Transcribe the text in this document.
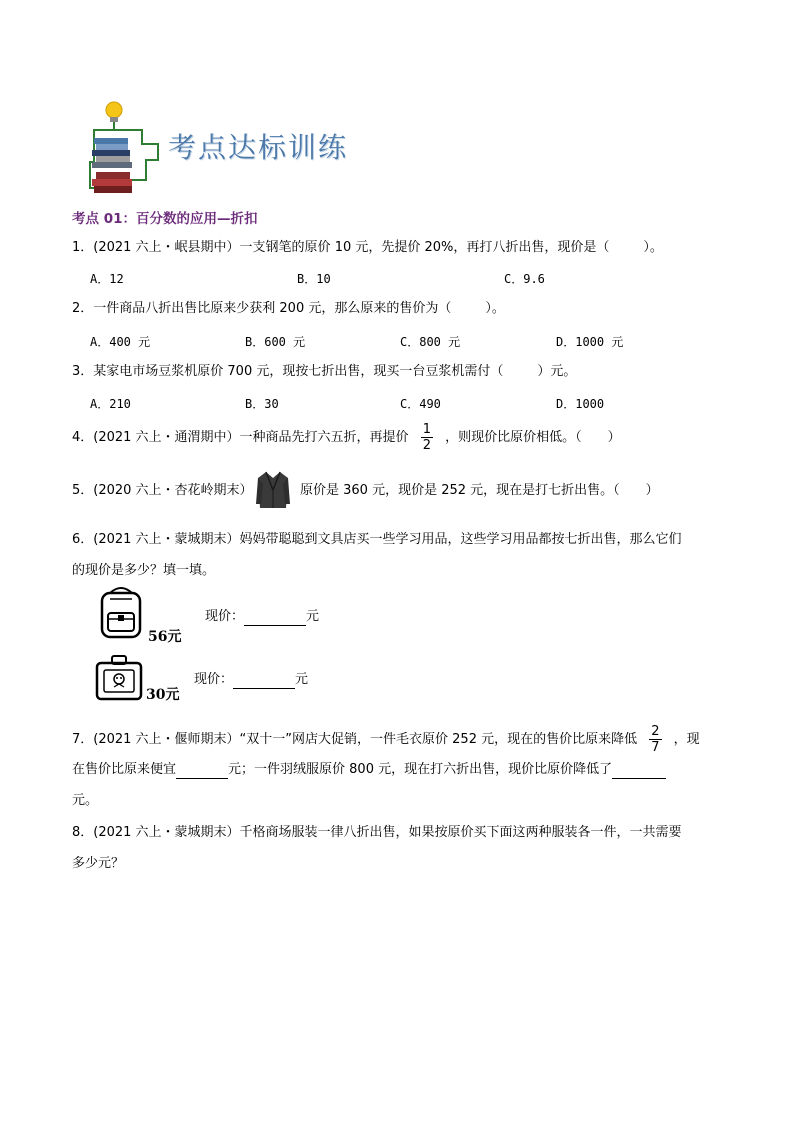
考点达标训练
考点 01：百分数的应用—折扣
1．(2021 六上・岷县期中）一支钢笔的原价 10 元，先提价 20%，再打八折出售，现价是（	）。
A．12	B．10	C．9.6
2．一件商品八折出售比原来少获利 200 元，那么原来的售价为（	）。
A．400 元	B．600 元	C．800 元	D．1000 元
3．某家电市场豆浆机原价 700 元，现按七折出售，现买一台豆浆机需付（	）元。
A．210	B．30	C．490	D．1000
4．(2021 六上・通渭期中）一种商品先打六五折，再提价 $\frac{1}{2}$ ，则现价比原价相低。（　　）
5．(2020 六上・杏花岭期末）	原价是 360 元，现价是 252 元，现在是打七折出售。（　　）
6．(2021 六上・蒙城期末）妈妈带聪聪到文具店买一些学习用品，这些学习用品都按七折出售，那么它们
的现价是多少？填一填。
56元
现价：	元
30元
现价：	元
7．(2021 六上・偃师期末）“双十一”网店大促销，一件毛衣原价 252 元，现在的售价比原来降低 $\frac{2}{7}$ ，现
在售价比原来便宜	元；一件羽绒服原价 800 元，现在打六折出售，现价比原价降低了
元。
8．(2021 六上・蒙城期末）千格商场服装一律八折出售，如果按原价买下面这两种服装各一件，一共需要
多少元？
